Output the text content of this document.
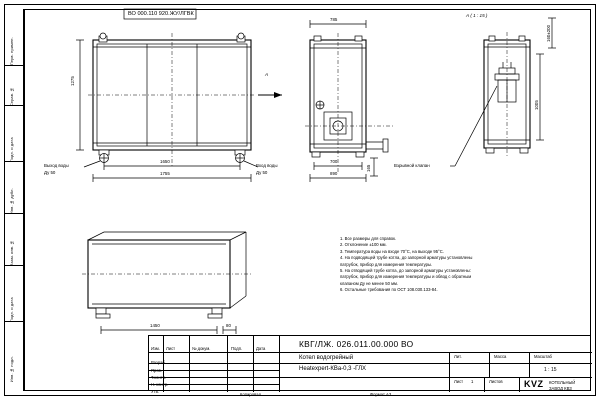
Перв. примен.
Справ. №
Подп. и дата
Инв. № дубл.
Взам. инв. №
Подп. и дата
Инв. № подл.
ВО 000.110 920.ЖУ/ЛГВК	А ( 1 : 15 )
А
1650
1755
1275
Выход воды
Ду 50
Вход воды
Ду 50
785
700
890
165
160±200
1005
Взрывной клапан
1450	80
1. Все размеры для справок.
2. Отклонение ±100 мм.
3. Температура воды на входе 70°С, на выходе 95°С.
4. На подводящей трубе котла, до запорной арматуры установлены
патрубок, прибор для измерения температуры.
5. На отводящей трубе котла, до запорной арматуры установлены:
патрубок, прибор для измерения температуры и обвод с обратным
клапаном Ду не менее 50 мм.
6. Остальные требования по ОСТ 108.030.133-84.
Изм. Лист	№ докум.	Подп.	Дата
Разраб.
Пров.
Т.контр.
Н. контр.
Утв.
КВГ/ЛЖ. 026.011.00.000 ВО
Котел водогрейный
Heatexpert-КВа-0,3 -ГЛХ
Лит.	Масса	Масштаб
1 : 15
Лист 1	Листов	КОТЕЛЬНЫЙ
ЗАВОД КВЗ
KVZ
Копировал	Формат А3
